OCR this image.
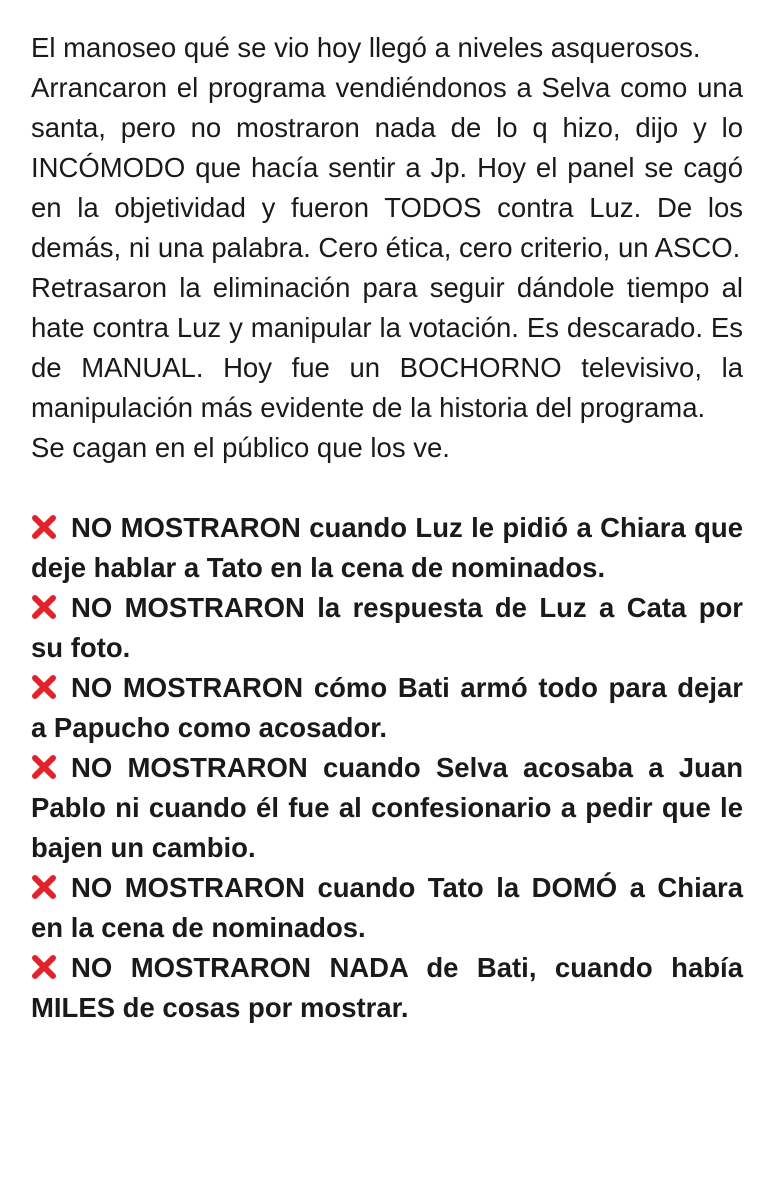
El manoseo qué se vio hoy llegó a niveles asquerosos.

Arrancaron el programa vendiéndonos a Selva como una santa, pero no mostraron nada de lo q hizo, dijo y lo INCÓMODO que hacía sentir a Jp. Hoy el panel se cagó en la objetividad y fueron TODOS contra Luz. De los demás, ni una palabra. Cero ética, cero criterio, un ASCO.

Retrasaron la eliminación para seguir dándole tiempo al hate contra Luz y manipular la votación. Es descarado. Es de MANUAL. Hoy fue un BOCHORNO televisivo, la manipulación más evidente de la historia del programa.

Se cagan en el público que los ve.

NO MOSTRARON cuando Luz le pidió a Chiara que deje hablar a Tato en la cena de nominados.
NO MOSTRARON la respuesta de Luz a Cata por su foto.
NO MOSTRARON cómo Bati armó todo para dejar a Papucho como acosador.
NO MOSTRARON cuando Selva acosaba a Juan Pablo ni cuando él fue al confesionario a pedir que le bajen un cambio.
NO MOSTRARON cuando Tato la DOMÓ a Chiara en la cena de nominados.
NO MOSTRARON NADA de Bati, cuando había MILES de cosas por mostrar.
